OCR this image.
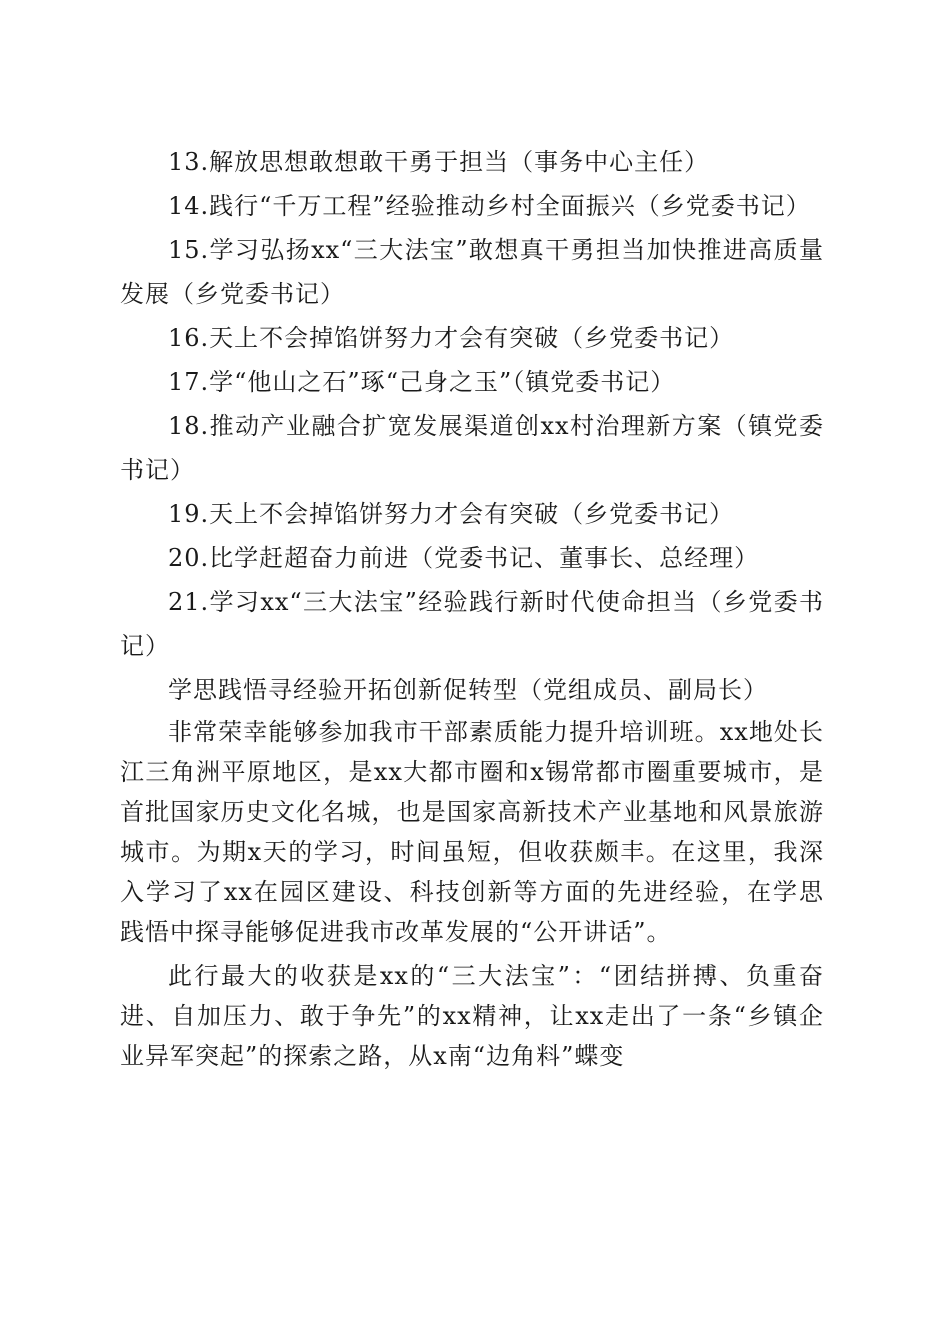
13.解放思想敢想敢干勇于担当（事务中心主任）

14.践行“千万工程”经验推动乡村全面振兴（乡党委书记）

15.学习弘扬xx“三大法宝”敢想真干勇担当加快推进高质量发展（乡党委书记）

16.天上不会掉馅饼努力才会有突破（乡党委书记）

17.学“他山之石”琢“己身之玉”（镇党委书记）

18.推动产业融合扩宽发展渠道创xx村治理新方案（镇党委书记）

19.天上不会掉馅饼努力才会有突破（乡党委书记）

20.比学赶超奋力前进（党委书记、董事长、总经理）

21.学习xx“三大法宝”经验践行新时代使命担当（乡党委书记）

学思践悟寻经验开拓创新促转型（党组成员、副局长）

非常荣幸能够参加我市干部素质能力提升培训班。xx地处长江三角洲平原地区，是xx大都市圈和x锡常都市圈重要城市，是首批国家历史文化名城，也是国家高新技术产业基地和风景旅游城市。为期x天的学习，时间虽短，但收获颇丰。在这里，我深入学习了xx在园区建设、科技创新等方面的先进经验，在学思践悟中探寻能够促进我市改革发展的“公开讲话”。

此行最大的收获是xx的“三大法宝”：“团结拼搏、负重奋进、自加压力、敢于争先”的xx精神，让xx走出了一条“乡镇企业异军突起”的探索之路，从x南“边角料”蝶变
